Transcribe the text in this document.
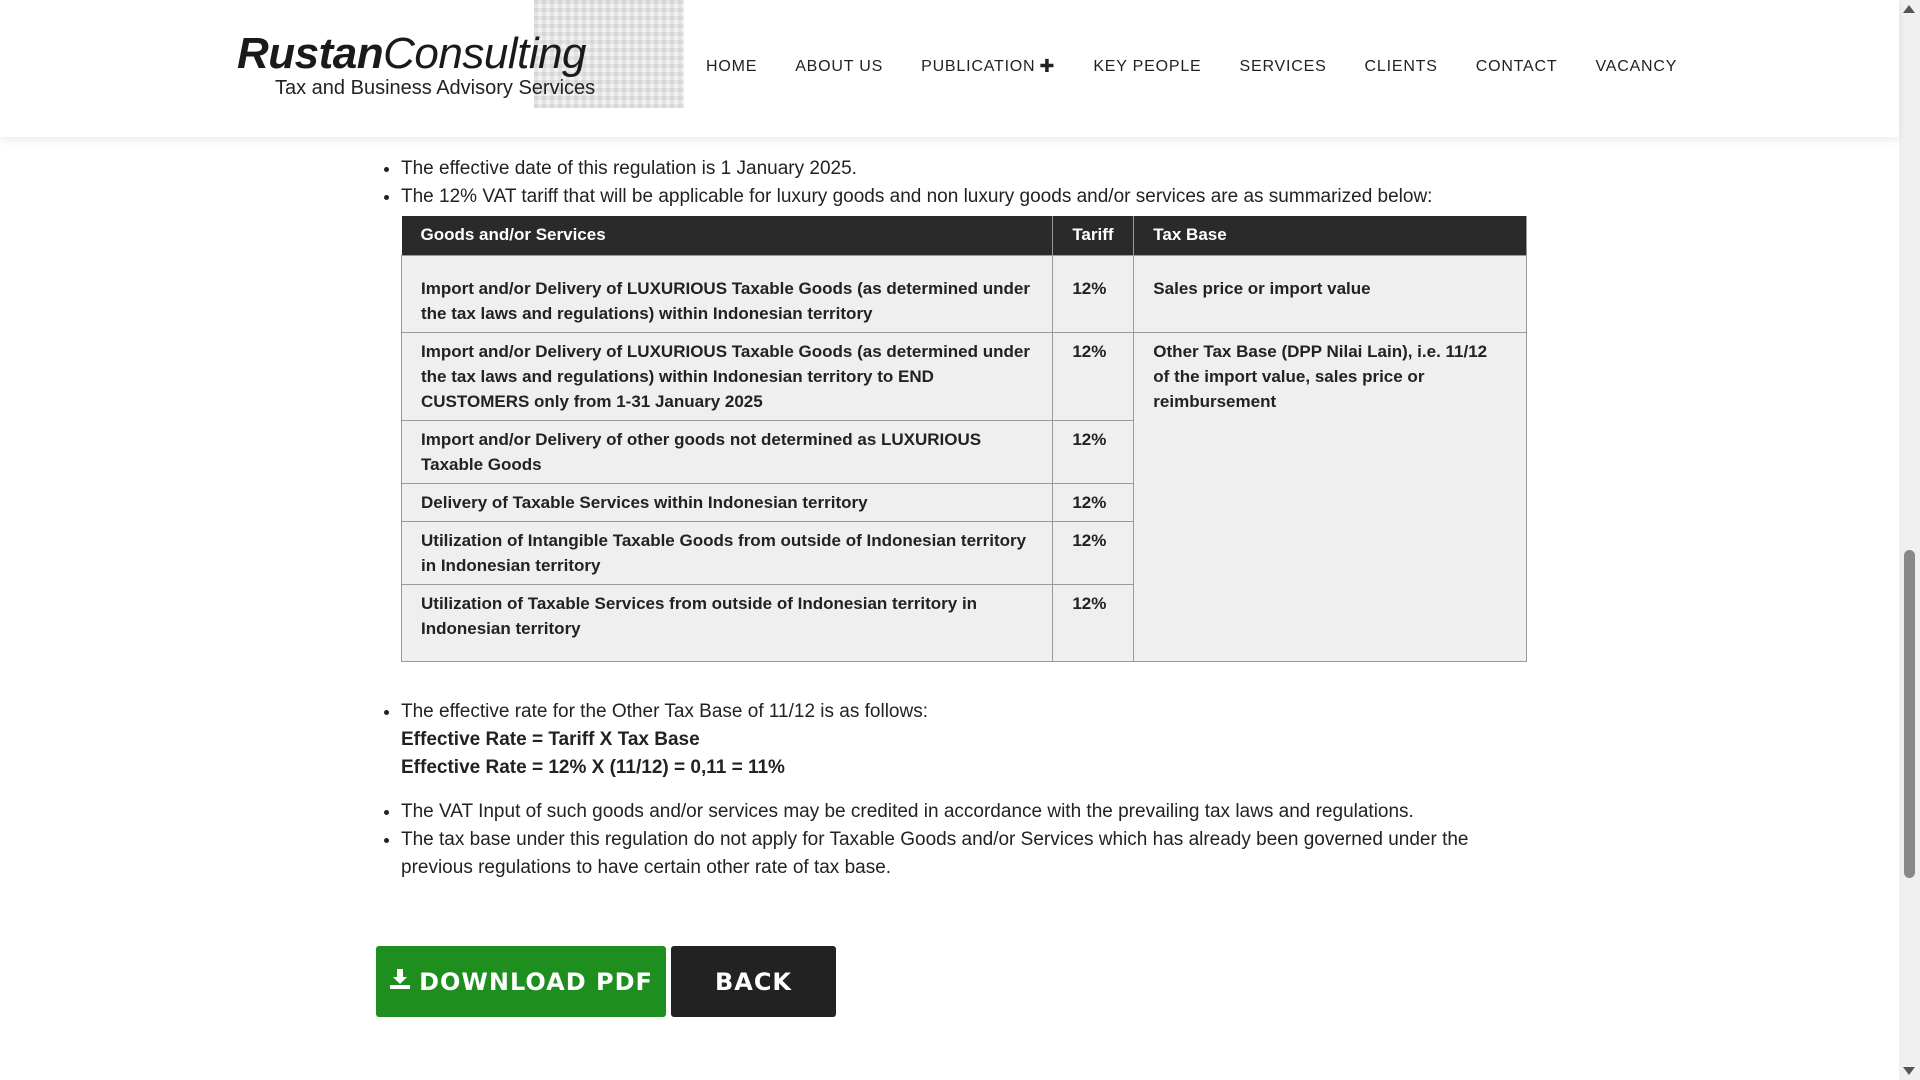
RustanConsulting
Tax and Business Advisory Services
HOME ABOUT US PUBLICATION ✚ KEY PEOPLE SERVICES CLIENTS CONTACT VACANCY
• The effective date of this regulation is 1 January 2025.
• The 12% VAT tariff that will be applicable for luxury goods and non luxury goods and/or services are as summarized below:
Goods and/or Services	Tariff	Tax Base
Import and/or Delivery of LUXURIOUS Taxable Goods (as determined under the tax laws and regulations) within Indonesian territory	12%	Sales price or import value
Import and/or Delivery of LUXURIOUS Taxable Goods (as determined under the tax laws and regulations) within Indonesian territory to END CUSTOMERS only from 1-31 January 2025	12%	Other Tax Base (DPP Nilai Lain), i.e. 11/12 of the import value, sales price or reimbursement
Import and/or Delivery of other goods not determined as LUXURIOUS Taxable Goods	12%	
Delivery of Taxable Services within Indonesian territory	12%	
Utilization of Intangible Taxable Goods from outside of Indonesian territory in Indonesian territory	12%	
Utilization of Taxable Services from outside of Indonesian territory in Indonesian territory	12%	
• The effective rate for the Other Tax Base of 11/12 is as follows:
Effective Rate = Tariff X Tax Base
Effective Rate = 12% X (11/12) = 0,11 = 11%
• The VAT Input of such goods and/or services may be credited in accordance with the prevailing tax laws and regulations.
• The tax base under this regulation do not apply for Taxable Goods and/or Services which has already been governed under the previous regulations to have certain other rate of tax base.
DOWNLOAD PDF	BACK
